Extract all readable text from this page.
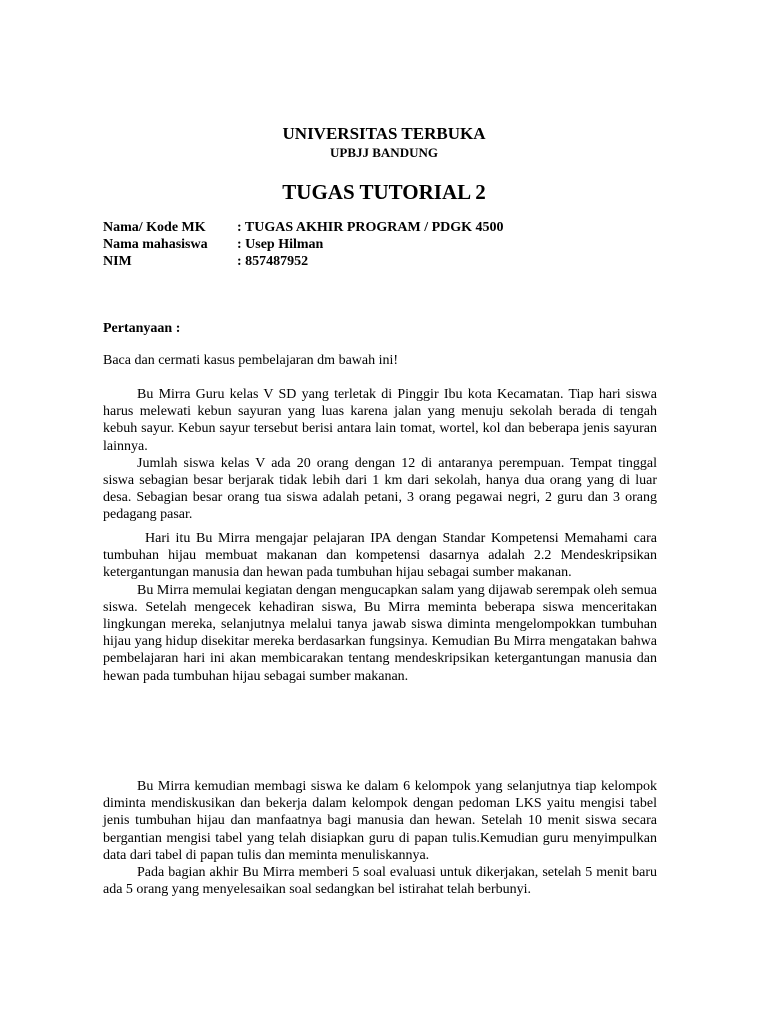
UNIVERSITAS TERBUKA
UPBJJ BANDUNG
TUGAS TUTORIAL 2
Nama/ Kode MK	: TUGAS AKHIR PROGRAM / PDGK 4500
Nama mahasiswa	: Usep Hilman
NIM	: 857487952
Pertanyaan :
Baca dan cermati kasus pembelajaran dm bawah ini!

Bu Mirra Guru kelas V SD yang terletak di Pinggir Ibu kota Kecamatan. Tiap hari siswa harus melewati kebun sayuran yang luas karena jalan yang menuju sekolah berada di tengah kebuh sayur. Kebun sayur tersebut berisi antara lain tomat, wortel, kol dan beberapa jenis sayuran lainnya.

Jumlah siswa kelas V ada 20 orang dengan 12 di antaranya perempuan. Tempat tinggal siswa sebagian besar berjarak tidak lebih dari 1 km dari sekolah, hanya dua orang yang di luar desa. Sebagian besar orang tua siswa adalah petani, 3 orang pegawai negri, 2 guru dan 3 orang pedagang pasar.

Hari itu Bu Mirra mengajar pelajaran IPA dengan Standar Kompetensi Memahami cara tumbuhan hijau membuat makanan dan kompetensi dasarnya adalah 2.2 Mendeskripsikan ketergantungan manusia dan hewan pada tumbuhan hijau sebagai sumber makanan.

Bu Mirra memulai kegiatan dengan mengucapkan salam yang dijawab serempak oleh semua siswa. Setelah mengecek kehadiran siswa, Bu Mirra meminta beberapa siswa menceritakan lingkungan mereka, selanjutnya melalui tanya jawab siswa diminta mengelompokkan tumbuhan hijau yang hidup disekitar mereka berdasarkan fungsinya. Kemudian Bu Mirra mengatakan bahwa pembelajaran hari ini akan membicarakan tentang mendeskripsikan ketergantungan manusia dan hewan pada tumbuhan hijau sebagai sumber makanan.

Bu Mirra kemudian membagi siswa ke dalam 6 kelompok yang selanjutnya tiap kelompok diminta mendiskusikan dan bekerja dalam kelompok dengan pedoman LKS yaitu mengisi tabel jenis tumbuhan hijau dan manfaatnya bagi manusia dan hewan. Setelah 10 menit siswa secara bergantian mengisi tabel yang telah disiapkan guru di papan tulis.Kemudian guru menyimpulkan data dari tabel di papan tulis dan meminta menuliskannya.

Pada bagian akhir Bu Mirra memberi 5 soal evaluasi untuk dikerjakan, setelah 5 menit baru ada 5 orang yang menyelesaikan soal sedangkan bel istirahat telah berbunyi.
